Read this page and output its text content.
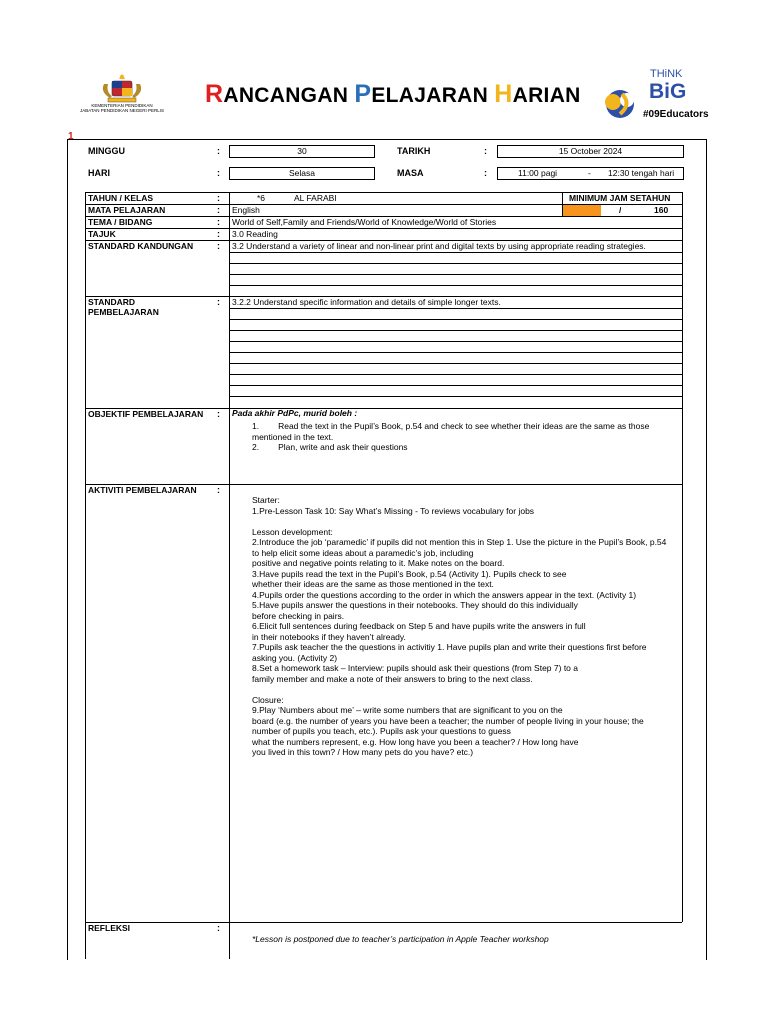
KEMENTERIAN PENDIDIKAN
JABATAN PENDIDIKAN NEGERI PERLIS
RANCANGAN PELAJARAN HARIAN
THiNK
BiG
#09Educators
1
MINGGU	:	30	TARIKH	:	15 October 2024
HARI	:	Selasa	MASA	:	11:00 pagi	- 12:30 tengah hari
TAHUN / KELAS	:	*6	AL FARABI	MINIMUM JAM SETAHUN
MATA PELAJARAN	: English	/	160
TEMA / BIDANG	: World of Self,Family and Friends/World of Knowledge/World of Stories
TAJUK	: 3.0 Reading
STANDARD KANDUNGAN	: 3.2 Understand a variety of linear and non-linear print and digital texts by using appropriate reading strategies.
STANDARD
PEMBELAJARAN
: 3.2.2 Understand specific information and details of simple longer texts.
OBJEKTIF PEMBELAJARAN : Pada akhir PdPc, murid boleh :
1. Read the text in the Pupil’s Book, p.54 and check to see whether their ideas are the same as those
mentioned in the text.
2. Plan, write and ask their questions
AKTIVITI PEMBELAJARAN :
Starter:
1.Pre-Lesson Task 10: Say What’s Missing - To reviews vocabulary for jobs
Lesson development:
2.Introduce the job ‘paramedic’ if pupils did not mention this in Step 1. Use the picture in the Pupil’s Book, p.54
to help elicit some ideas about a paramedic’s job, including
positive and negative points relating to it. Make notes on the board.
3.Have pupils read the text in the Pupil’s Book, p.54 (Activity 1). Pupils check to see
whether their ideas are the same as those mentioned in the text.
4.Pupils order the questions according to the order in which the answers appear in the text. (Activity 1)
5.Have pupils answer the questions in their notebooks. They should do this individually
before checking in pairs.
6.Elicit full sentences during feedback on Step 5 and have pupils write the answers in full
in their notebooks if they haven’t already.
7.Pupils ask teacher the the questions in activitiy 1. Have pupils plan and write their questions first before
asking you. (Activity 2)
8.Set a homework task – Interview: pupils should ask their questions (from Step 7) to a
family member and make a note of their answers to bring to the next class.
Closure:
9.Play ‘Numbers about me’ – write some numbers that are significant to you on the
board (e.g. the number of years you have been a teacher; the number of people living in your house; the
number of pupils you teach, etc.). Pupils ask your questions to guess
what the numbers represent, e.g. How long have you been a teacher? / How long have
you lived in this town? / How many pets do you have? etc.)
REFLEKSI	:
*Lesson is postponed due to teacher’s participation in Apple Teacher workshop
